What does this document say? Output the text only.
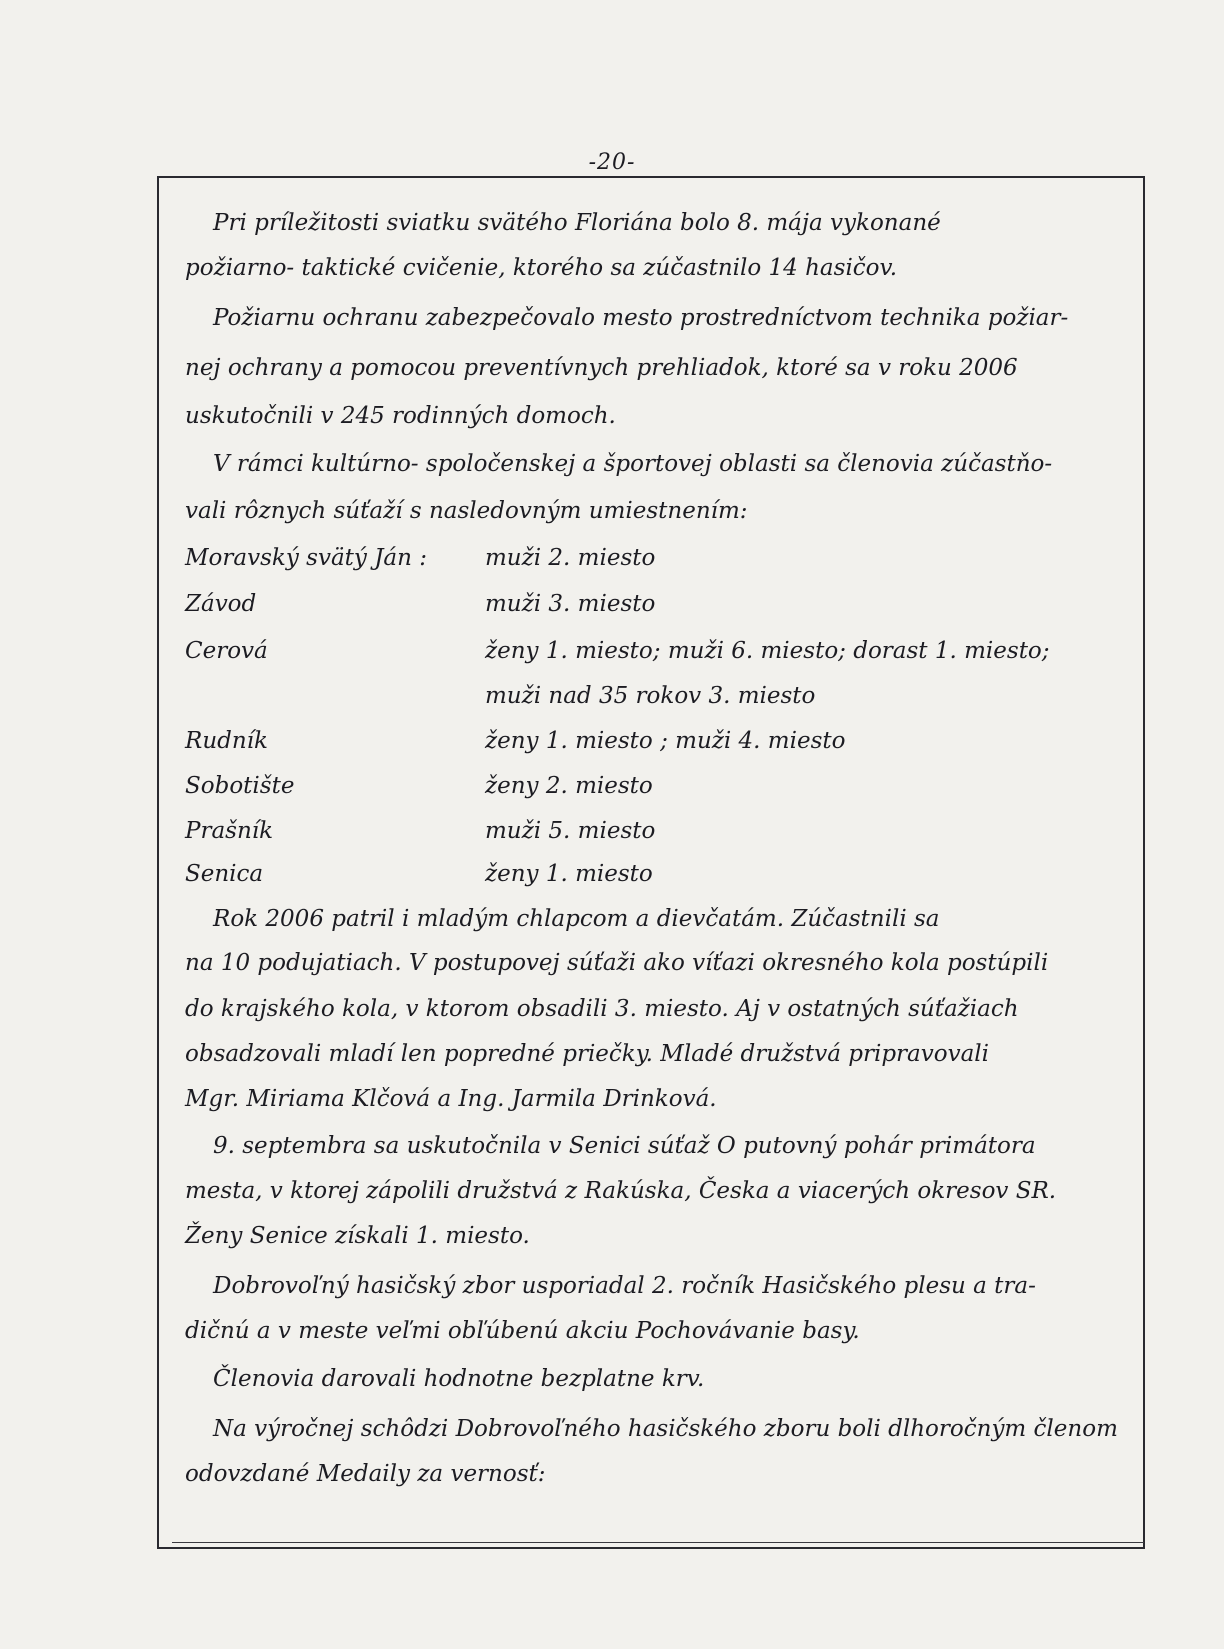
-20-
Pri príležitosti sviatku svätého Floriána bolo 8. mája vykonané
požiarno- taktické cvičenie, ktorého sa zúčastnilo 14 hasičov.
Požiarnu ochranu zabezpečovalo mesto prostredníctvom technika požiar-
nej ochrany a pomocou preventívnych prehliadok, ktoré sa v roku 2006
uskutočnili v 245 rodinných domoch.
V rámci kultúrno- spoločenskej a športovej oblasti sa členovia zúčastňo-
vali rôznych súťaží s nasledovným umiestnením:
Moravský svätý Ján :	muži 2. miesto
Závod	muži 3. miesto
Cerová	ženy 1. miesto; muži 6. miesto; dorast 1. miesto;
muži nad 35 rokov 3. miesto
Rudník	ženy 1. miesto ; muži 4. miesto
Sobotište	ženy 2. miesto
Prašník	muži 5. miesto
Senica	ženy 1. miesto
Rok 2006 patril i mladým chlapcom a dievčatám. Zúčastnili sa
na 10 podujatiach. V postupovej súťaži ako víťazi okresného kola postúpili
do krajského kola, v ktorom obsadili 3. miesto. Aj v ostatných súťažiach
obsadzovali mladí len popredné priečky. Mladé družstvá pripravovali
Mgr. Miriama Klčová a Ing. Jarmila Drinková.
9. septembra sa uskutočnila v Senici súťaž O putovný pohár primátora
mesta, v ktorej zápolili družstvá z Rakúska, Česka a viacerých okresov SR.
Ženy Senice získali 1. miesto.
Dobrovoľný hasičský zbor usporiadal 2. ročník Hasičského plesu a tra-
dičnú a v meste veľmi obľúbenú akciu Pochovávanie basy.
Členovia darovali hodnotne bezplatne krv.
Na výročnej schôdzi Dobrovoľného hasičského zboru boli dlhoročným členom
odovzdané Medaily za vernosť:
